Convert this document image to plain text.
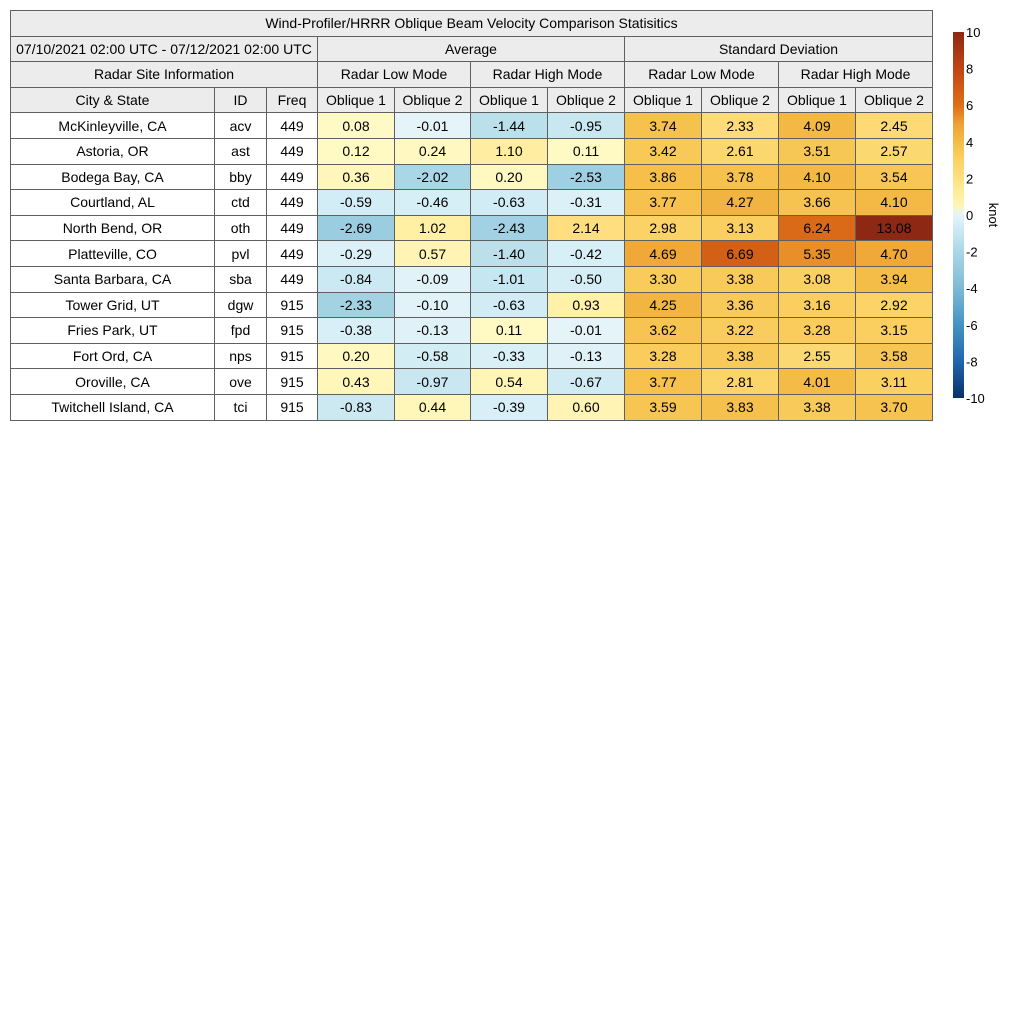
Wind-Profiler/HRRR Oblique Beam Velocity Comparison Statisitics										
07/10/2021 02:00 UTC - 07/12/2021 02:00 UTC			Average				Standard Deviation			
Radar Site Information			Radar Low Mode		Radar High Mode		Radar Low Mode		Radar High Mode	
City & State	ID	Freq	Oblique 1	Oblique 2	Oblique 1	Oblique 2	Oblique 1	Oblique 2	Oblique 1	Oblique 2
McKinleyville, CA	acv	449	0.08	-0.01	-1.44	-0.95	3.74	2.33	4.09	2.45
Astoria, OR	ast	449	0.12	0.24	1.10	0.11	3.42	2.61	3.51	2.57
Bodega Bay, CA	bby	449	0.36	-2.02	0.20	-2.53	3.86	3.78	4.10	3.54
Courtland, AL	ctd	449	-0.59	-0.46	-0.63	-0.31	3.77	4.27	3.66	4.10
North Bend, OR	oth	449	-2.69	1.02	-2.43	2.14	2.98	3.13	6.24	13.08
Platteville, CO	pvl	449	-0.29	0.57	-1.40	-0.42	4.69	6.69	5.35	4.70
Santa Barbara, CA	sba	449	-0.84	-0.09	-1.01	-0.50	3.30	3.38	3.08	3.94
Tower Grid, UT	dgw	915	-2.33	-0.10	-0.63	0.93	4.25	3.36	3.16	2.92
Fries Park, UT	fpd	915	-0.38	-0.13	0.11	-0.01	3.62	3.22	3.28	3.15
Fort Ord, CA	nps	915	0.20	-0.58	-0.33	-0.13	3.28	3.38	2.55	3.58
Oroville, CA	ove	915	0.43	-0.97	0.54	-0.67	3.77	2.81	4.01	3.11
Twitchell Island, CA	tci	915	-0.83	0.44	-0.39	0.60	3.59	3.83	3.38	3.70
10
8
6
4
2
0
-2
-4
-6
-8
-10
knot
